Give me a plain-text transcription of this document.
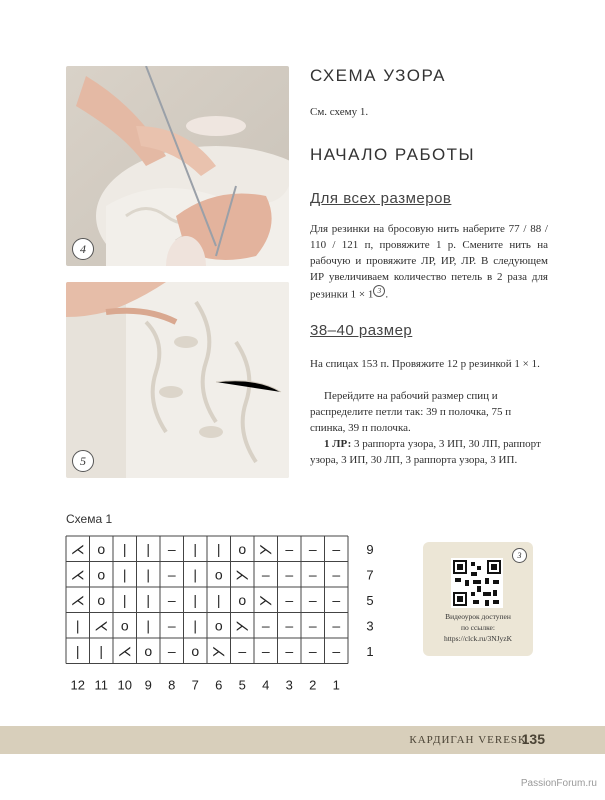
4
5
СХЕМА УЗОРА

См. схему 1.

НАЧАЛО РАБОТЫ
Для всех размеров

Для резинки на бросовую нить наберите 77 / 88 / 110 / 121 п, провяжите 1 р. Смените нить на рабочую и провяжите ЛР, ИР, ЛР. В следующем ИР увеличиваем количество петель в 2 раза для резинки 1 × 1 3 .

38–40 размер

На спицах 153 п. Провяжите 12 р резинкой 1 × 1.

Перейдите на рабочий размер спиц и распределите петли так: 39 п полочка, 75 п спинка, 39 п полочка.

1 ЛР: 3 раппорта узора, 3 ИП, 30 ЛП, раппорт узора, 3 ИП, 30 ЛП, 3 раппорта узора, 3 ИП.

Схема 1
⋌ o | | – | | o ⋋ – – – 9
⋌ o | | – | o ⋋ – – – – 7
⋌ o | | – | | o ⋋ – – – 5
| ⋌ o | – | o ⋋ – – – – 3
| | ⋌ o – o ⋋ – – – – – 1
12 11 10 9 8 7 6 5 4 3 2 1
3
Видеоурок доступен
по ссылке:
https://clck.ru/3NJyzK
КАРДИГАН VERESK
135
PassionForum.ru
